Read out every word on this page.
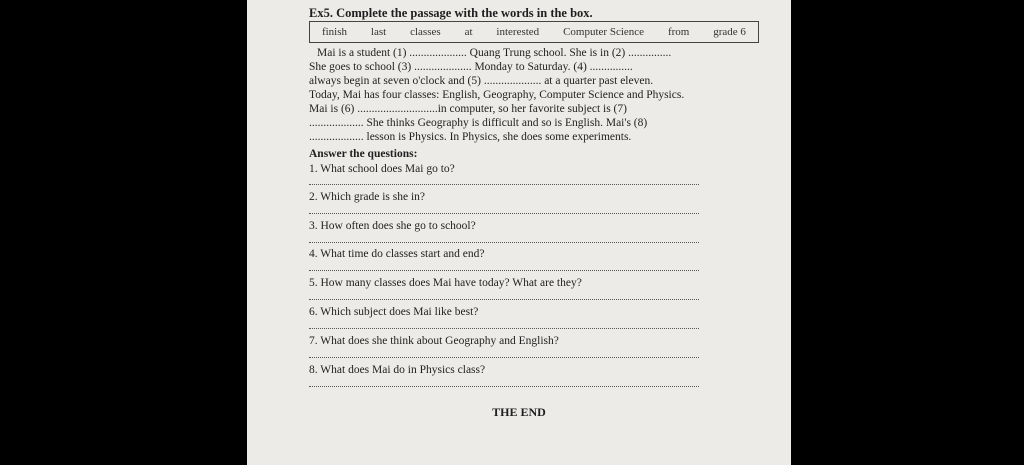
Ex5. Complete the passage with the words in the box.
finish last classes at interested Computer Science from grade 6

Mai is a student (1) .................... Quang Trung school. She is in (2) ...............

She goes to school (3) .................... Monday to Saturday. (4) ...............

always begin at seven o'clock and (5) .................... at a quarter past eleven.

Today, Mai has four classes: English, Geography, Computer Science and Physics.

Mai is (6) ............................in computer, so her favorite subject is (7)

................... She thinks Geography is difficult and so is English. Mai's (8)

................... lesson is Physics. In Physics, she does some experiments.

Answer the questions:
1. What school does Mai go to?
2. Which grade is she in?
3. How often does she go to school?
4. What time do classes start and end?
5. How many classes does Mai have today? What are they?
6. Which subject does Mai like best?
7. What does she think about Geography and English?
8. What does Mai do in Physics class?
THE END
